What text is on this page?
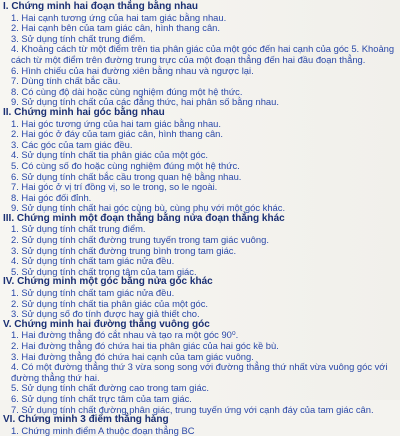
I. Chứng minh hai đoạn thẳng bằng nhau
1. Hai cạnh tương ứng của hai tam giác bằng nhau.
2. Hai cạnh bên của tam giác cân, hình thang cân.
3. Sử dụng tính chất trung điểm.
4. Khoảng cách từ một điểm trên tia phân giác của một góc đến hai cạnh của góc 5. Khoảng cách từ một điểm trên đường trung trực của một đoạn thẳng đến hai đầu đoạn thẳng.
6. Hình chiếu của hai đường xiên bằng nhau và ngược lại.
7. Dùng tính chất bắc cầu.
8. Có cùng độ dài hoặc cùng nghiệm đúng một hệ thức.
9. Sử dụng tính chất của các đẳng thức, hai phân số bằng nhau.
II. Chứng minh hai góc bằng nhau
1. Hai góc tương ứng của hai tam giác bằng nhau.
2. Hai góc ở đáy của tam giác cân, hình thang cân.
3. Các góc của tam giác đều.
4. Sử dụng tính chất tia phân giác của một góc.
5. Có cùng số đo hoặc cùng nghiệm đúng một hệ thức.
6. Sử dụng tính chất bắc cầu trong quan hệ bằng nhau.
7. Hai góc ở vị trí đồng vị, so le trong, so le ngoài.
8. Hai góc đối đỉnh.
9. Sử dụng tính chất hai góc cùng bù, cùng phụ với một góc khác.
III. Chứng minh một đoạn thẳng bằng nửa đoạn thẳng khác
1. Sử dụng tính chất trung điểm.
2. Sử dụng tính chất đường trung tuyến trong tam giác vuông.
3. Sử dụng tính chất đường trung bình trong tam giác.
4. Sử dụng tính chất tam giác nửa đều.
5. Sử dụng tính chất trọng tâm của tam giác.
IV. Chứng minh một góc bằng nửa góc khác
1. Sử dụng tính chất tam giác nửa đều.
2. Sử dụng tính chất tia phân giác của một góc.
3. Sử dụng số đo tính được hay giả thiết cho.
V. Chứng minh hai đường thẳng vuông góc
1. Hai đường thẳng đó cắt nhau và tạo ra một góc 90⁰.
2. Hai đường thẳng đó chứa hai tia phân giác của hai góc kề bù.
3. Hai đường thẳng đó chứa hai cạnh của tam giác vuông.
4. Có một đường thẳng thứ 3 vừa song song với đường thẳng thứ nhất vừa vuông góc với đường thẳng thứ hai.
5. Sử dụng tính chất đường cao trong tam giác.
6. Sử dụng tính chất trực tâm của tam giác.
7. Sử dụng tính chất đường phân giác, trung tuyến ứng với cạnh đáy của tam giác cân.
VI. Chứng minh 3 điểm thẳng hàng
1. Chứng minh điểm A thuộc đoạn thẳng BC
